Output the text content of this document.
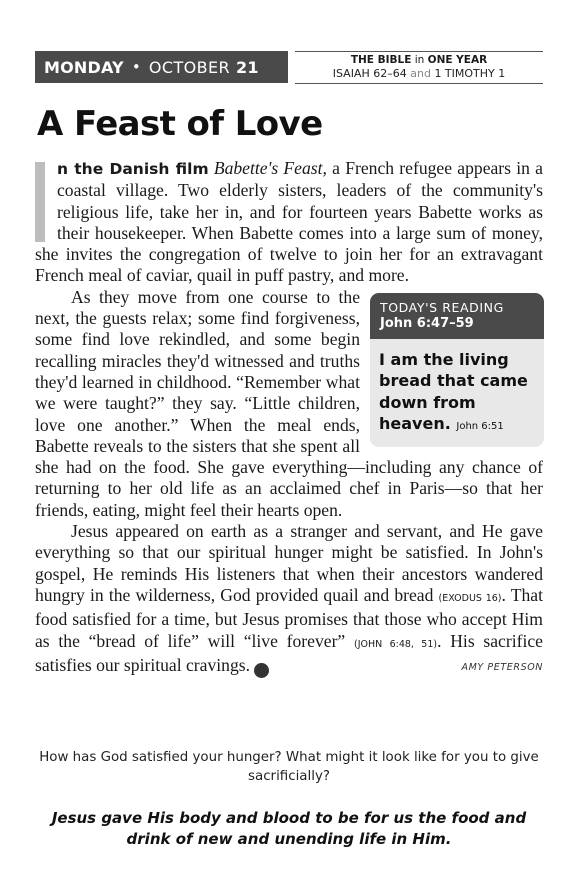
MONDAY • OCTOBER 21	THE BIBLE in ONE YEAR
ISAIAH 62–64 and 1 TIMOTHY 1
A Feast of Love

n the Danish film Babette's Feast, a French refugee appears in a coastal village. Two elderly sisters, leaders of the community's religious life, take her in, and for fourteen years Babette works as their housekeeper. When Babette comes into a large sum of money, she invites the congregation of twelve to join her for an extravagant French meal of caviar, quail in puff pastry, and more.

TODAY'S READING
John 6:47–59
I am the living bread that came down from heaven. John 6:51

As they move from one course to the next, the guests relax; some find forgiveness, some find love rekindled, and some begin recalling miracles they'd witnessed and truths they'd learned in childhood. “Remember what we were taught?” they say. “Little children, love one another.” When the meal ends, Babette reveals to the sisters that she spent all she had on the food. She gave everything—including any chance of returning to her old life as an acclaimed chef in Paris—so that her friends, eating, might feel their hearts open.

Jesus appeared on earth as a stranger and servant, and He gave everything so that our spiritual hunger might be satisfied. In John's gospel, He reminds His listeners that when their ancestors wandered hungry in the wilderness, God provided quail and bread (EXODUS 16). That food satisfied for a time, but Jesus promises that those who accept Him as the “bread of life” will “live forever” (JOHN 6:48, 51). His sacrifice satisfies our spiritual cravings.	✿	AMY PETERSON

How has God satisfied your hunger? What might it look like for you to give sacrificially?
Jesus gave His body and blood to be for us the food and drink of new and unending life in Him.
